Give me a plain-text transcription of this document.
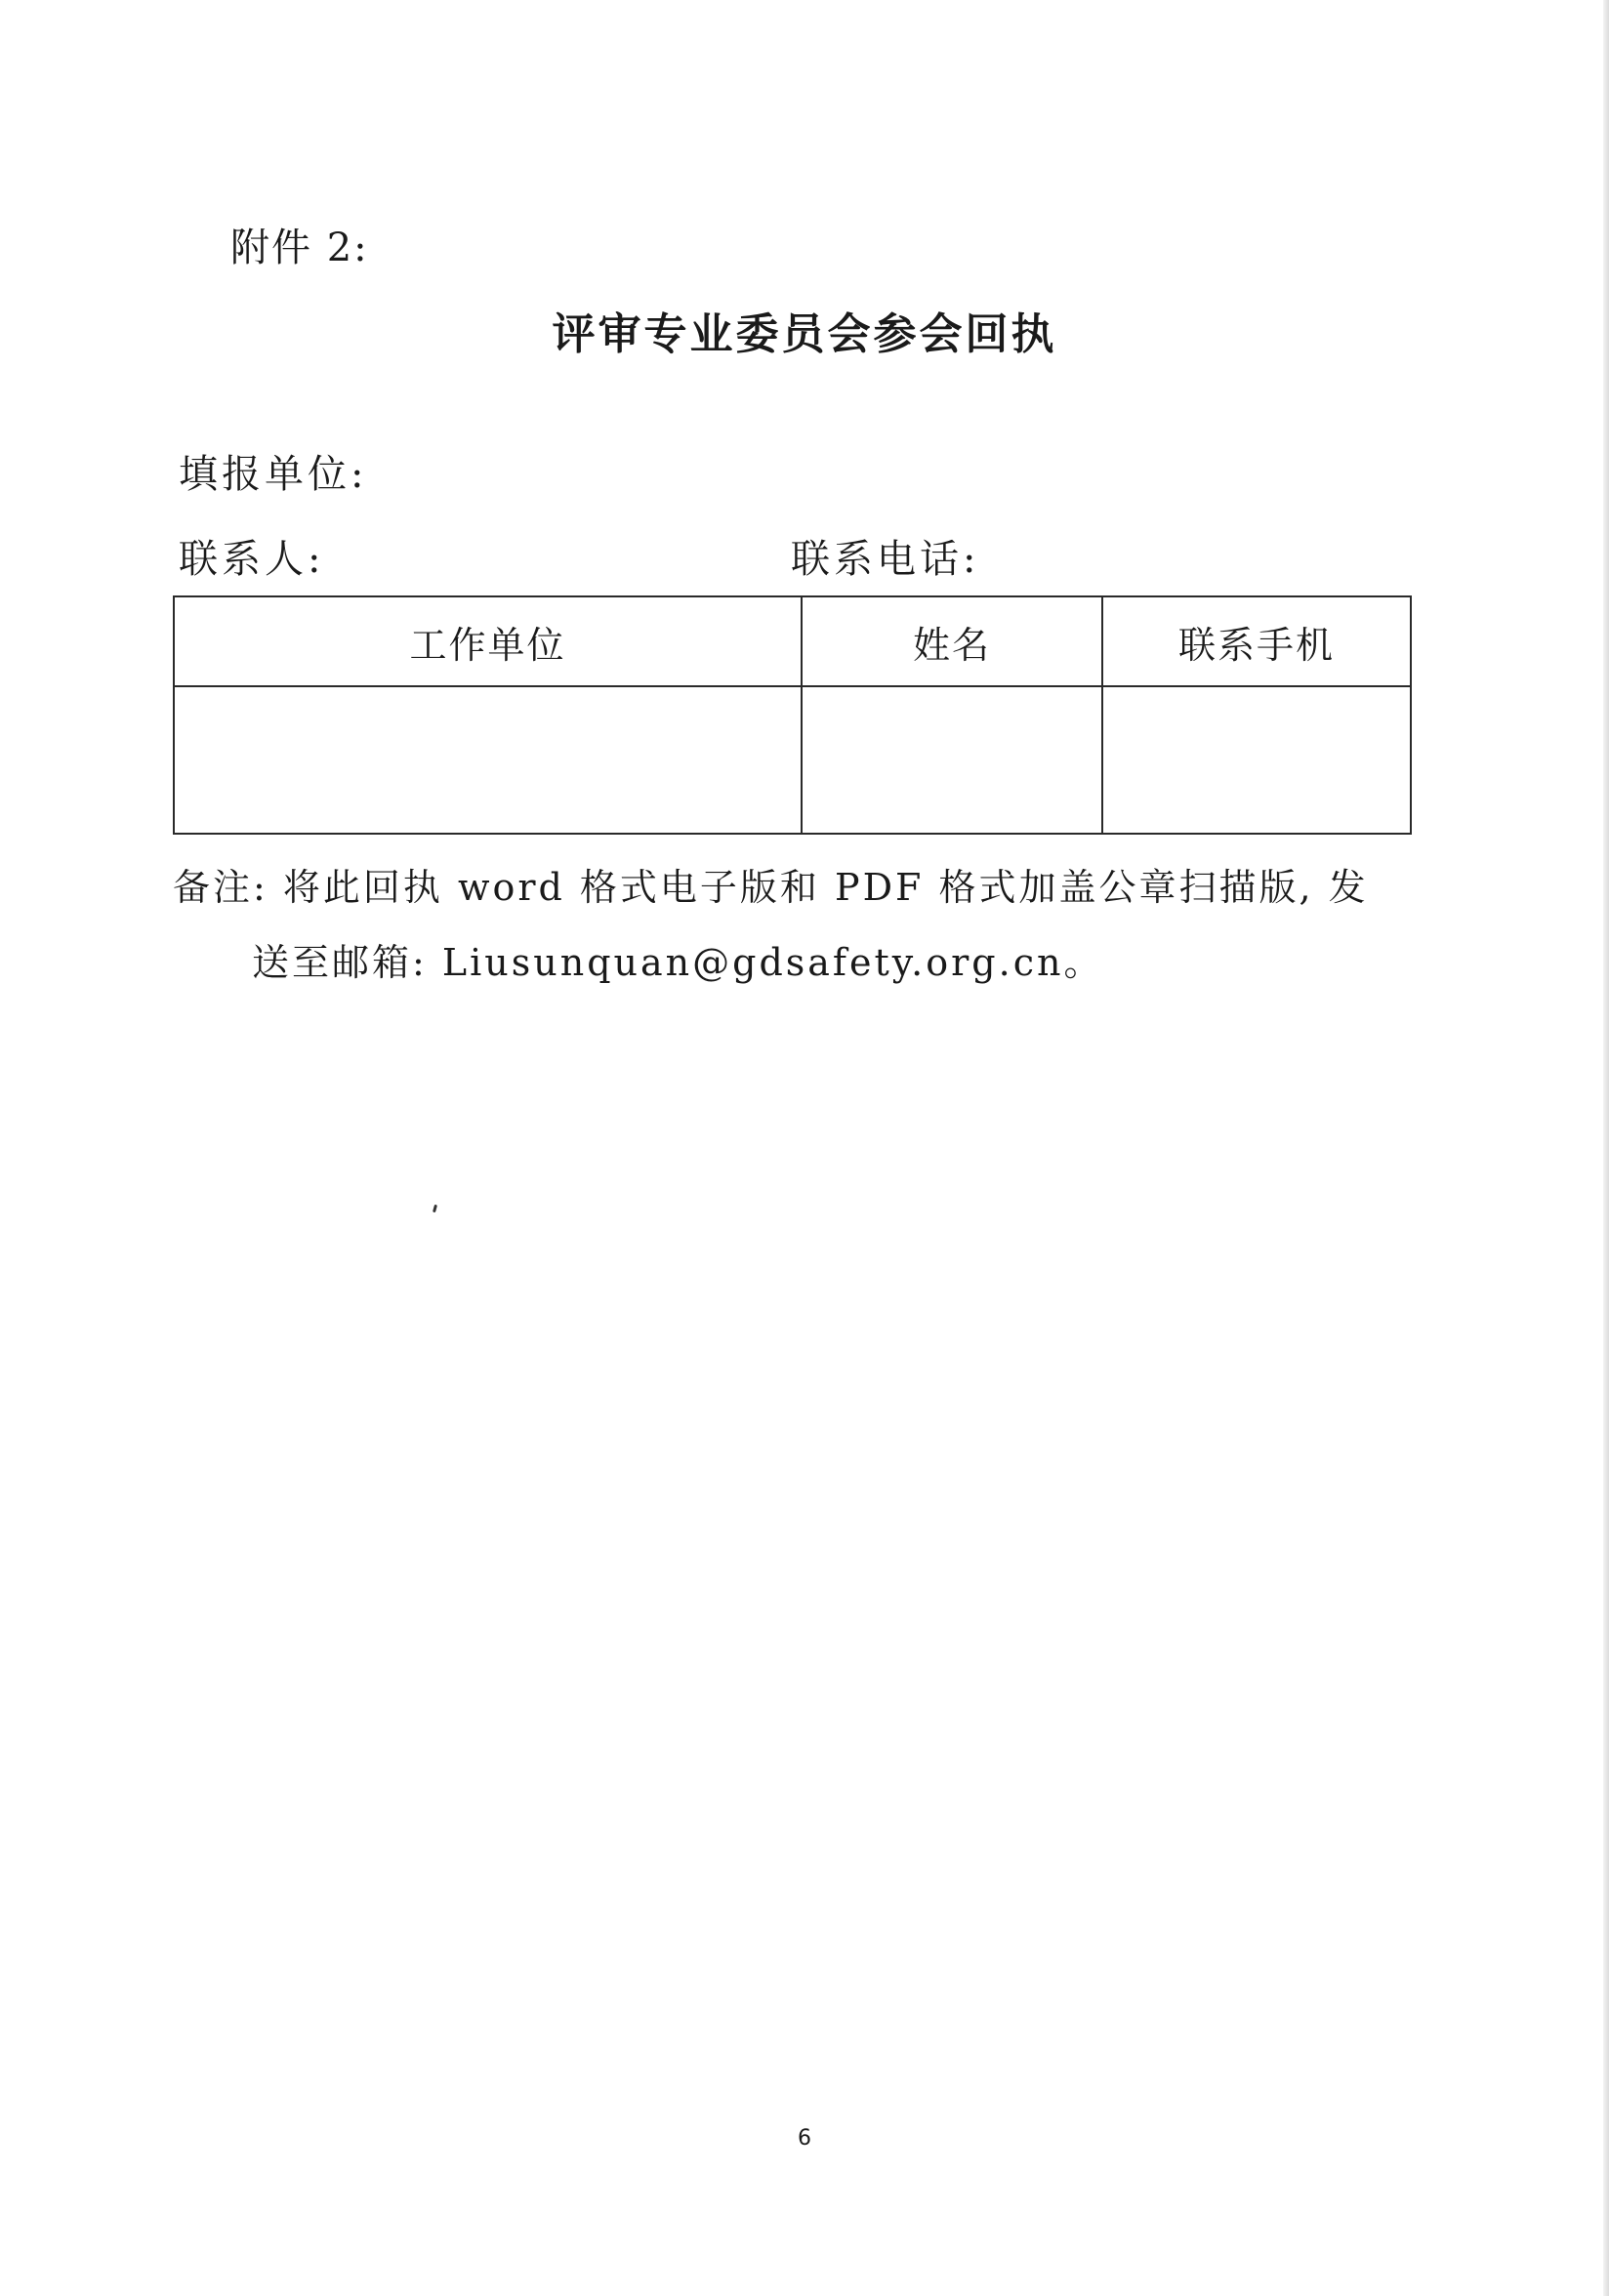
附件 2:
评审专业委员会参会回执
填报单位:
联系人:	联系电话:
工作单位	姓名	联系手机

备注: 将此回执 word 格式电子版和 PDF 格式加盖公章扫描版, 发
送至邮箱: Liusunquan@gdsafety.org.cn。
6
